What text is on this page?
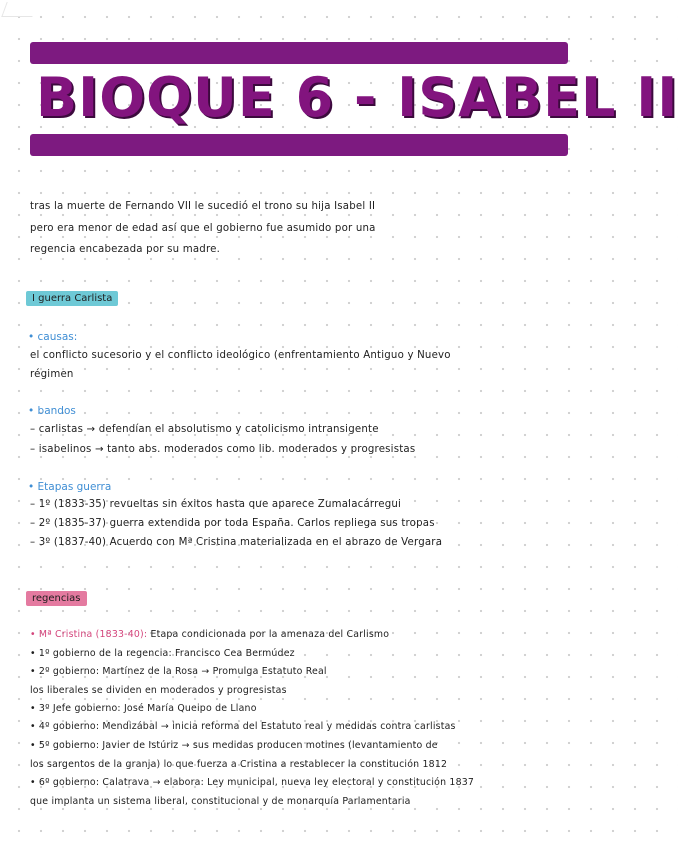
BIOQUE 6 - ISABEL II
tras la muerte de Fernando VII le sucedió el trono su hija Isabel II
pero era menor de edad así que el gobierno fue asumido por una
regencia encabezada por su madre.
I guerra Carlista
• causas:
el conflicto sucesorio y el conflicto ideológico (enfrentamiento Antiguo y Nuevo
régimen
• bandos
– carlistas → defendían el absolutismo y catolicismo intransigente
– isabelinos → tanto abs. moderados como lib. moderados y progresistas
• Etapas guerra
– 1º (1833-35) revueltas sin éxitos hasta que aparece Zumalacárregui
– 2º (1835-37) guerra extendida por toda España. Carlos repliega sus tropas
– 3º (1837-40) Acuerdo con Mª Cristina materializada en el abrazo de Vergara
regencias
• Mª Cristina (1833-40): Etapa condicionada por la amenaza del Carlismo
• 1º gobierno de la regencia: Francisco Cea Bermúdez
• 2º gobierno: Martínez de la Rosa → Promulga Estatuto Real
los liberales se dividen en moderados y progresistas
• 3º Jefe gobierno: José María Queipo de Llano
• 4º gobierno: Mendizábal → inicia reforma del Estatuto real y medidas contra carlistas
• 5º gobierno: Javier de Istúriz → sus medidas producen motines (levantamiento de
los sargentos de la granja) lo que fuerza a Cristina a restablecer la constitución 1812
• 6º gobierno: Calatrava → elabora: Ley municipal, nueva ley electoral y constitución 1837
que implanta un sistema liberal, constitucional y de monarquía Parlamentaria
